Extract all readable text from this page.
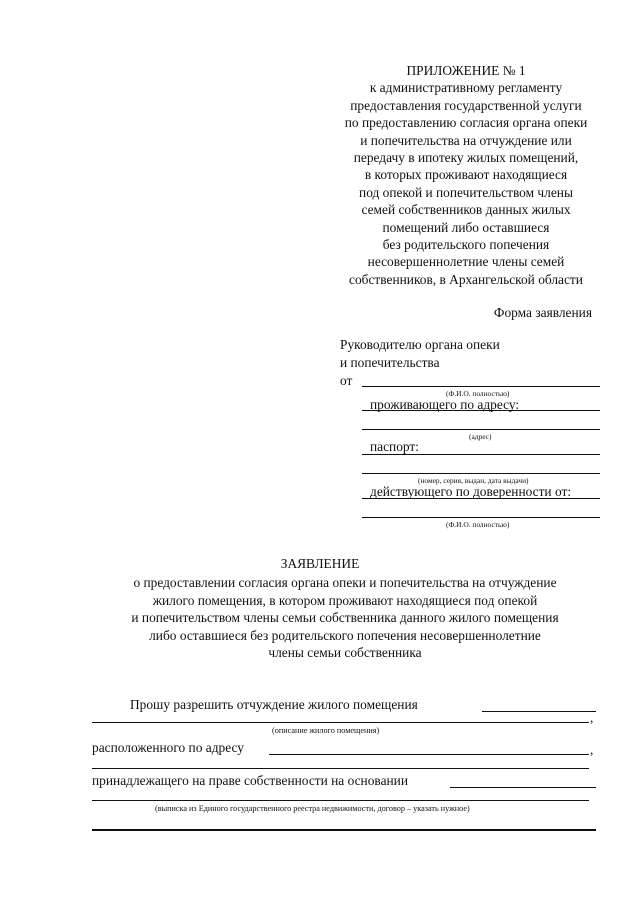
ПРИЛОЖЕНИЕ № 1
к административному регламенту
предоставления государственной услуги
по предоставлению согласия органа опеки
и попечительства на отчуждение или
передачу в ипотеку жилых помещений,
в которых проживают находящиеся
под опекой и попечительством члены
семей собственников данных жилых
помещений либо оставшиеся
без родительского попечения
несовершеннолетние члены семей
собственников, в Архангельской области
Форма заявления
Руководителю органа опеки
и попечительства
от
(Ф.И.О. полностью)
проживающего по адресу:
(адрес)
паспорт:
(номер, серия, выдан, дата выдачи)
действующего по доверенности от:
(Ф.И.О. полностью)
ЗАЯВЛЕНИЕ
о предоставлении согласия органа опеки и попечительства на отчуждение
жилого помещения, в котором проживают находящиеся под опекой
и попечительством члены семьи собственника данного жилого помещения
либо оставшиеся без родительского попечения несовершеннолетние
члены семьи собственника
Прошу разрешить отчуждение жилого помещения
,
(описание жилого помещения)
расположенного по адресу	,
принадлежащего на праве собственности на основании
(выписка из Единого государственного реестра недвижимости, договор – указать нужное)
